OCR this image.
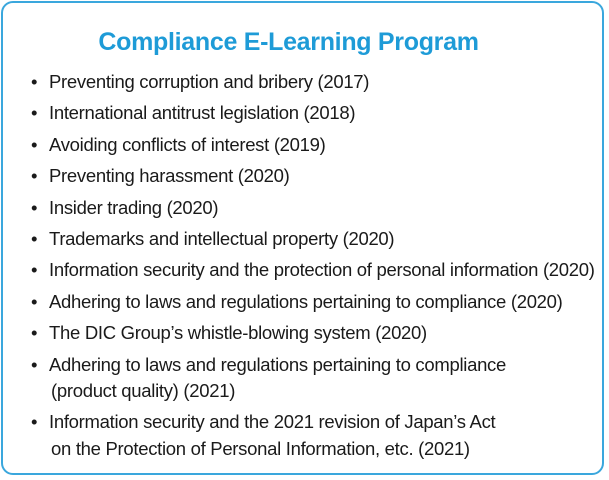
Compliance E-Learning Program
• Preventing corruption and bribery (2017)
• International antitrust legislation (2018)
• Avoiding conflicts of interest (2019)
• Preventing harassment (2020)
• Insider trading (2020)
• Trademarks and intellectual property (2020)
• Information security and the protection of personal information (2020)
• Adhering to laws and regulations pertaining to compliance (2020)
• The DIC Group’s whistle-blowing system (2020)
• Adhering to laws and regulations pertaining to compliance
(product quality) (2021)
• Information security and the 2021 revision of Japan’s Act
on the Protection of Personal Information, etc. (2021)
